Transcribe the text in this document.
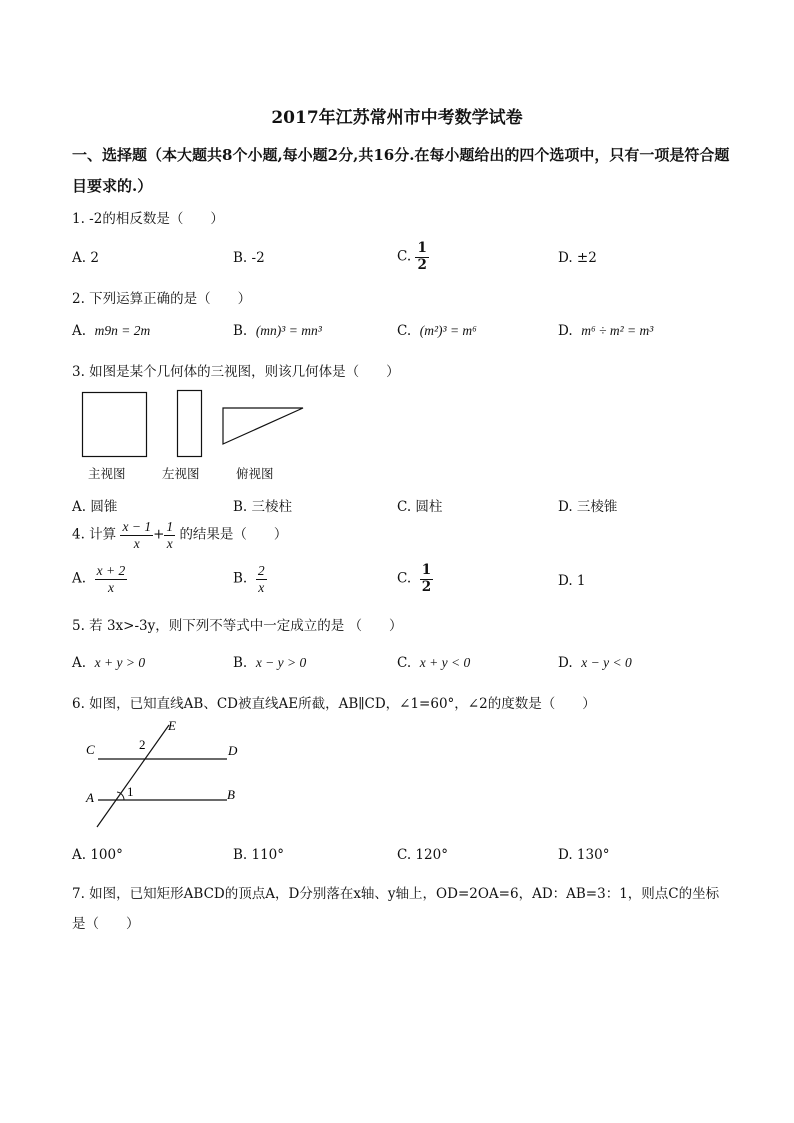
2017年江苏常州市中考数学试卷
一、选择题（本大题共8个小题,每小题2分,共16分.在每小题给出的四个选项中，只有一项是符合题目要求的.）
1. -2的相反数是（　　）
A. 2	B. -2	C. $\frac{1}{2}$	D. ±2
2. 下列运算正确的是（　　）
A. m9n = 2m	B. (mn)³ = mn³	C. (m²)³ = m⁶	D. m⁶ ÷ m² = m³
3. 如图是某个几何体的三视图，则该几何体是（　　）
主视图	左视图	俯视图
A. 圆锥	B. 三棱柱	C. 圆柱	D. 三棱锥
4. 计算 $\frac{x - 1}{x} + \frac{1}{x}$ 的结果是（　　）
A. $\frac{x + 2}{x}$	B. $\frac{2}{x}$	C. $\frac{1}{2}$	D. 1
5. 若 3x>-3y，则下列不等式中一定成立的是 （　　）
A. x + y > 0	B. x − y > 0	C. x + y < 0	D. x − y < 0
6. 如图，已知直线AB、CD被直线AE所截，AB∥CD，∠1=60°，∠2的度数是（　　）
E
C	D
2
A	1	B
A. 100°	B. 110°	C. 120°	D. 130°
7. 如图，已知矩形ABCD的顶点A，D分别落在x轴、y轴上，OD=2OA=6，AD：AB=3：1，则点C的坐标是（　　）
